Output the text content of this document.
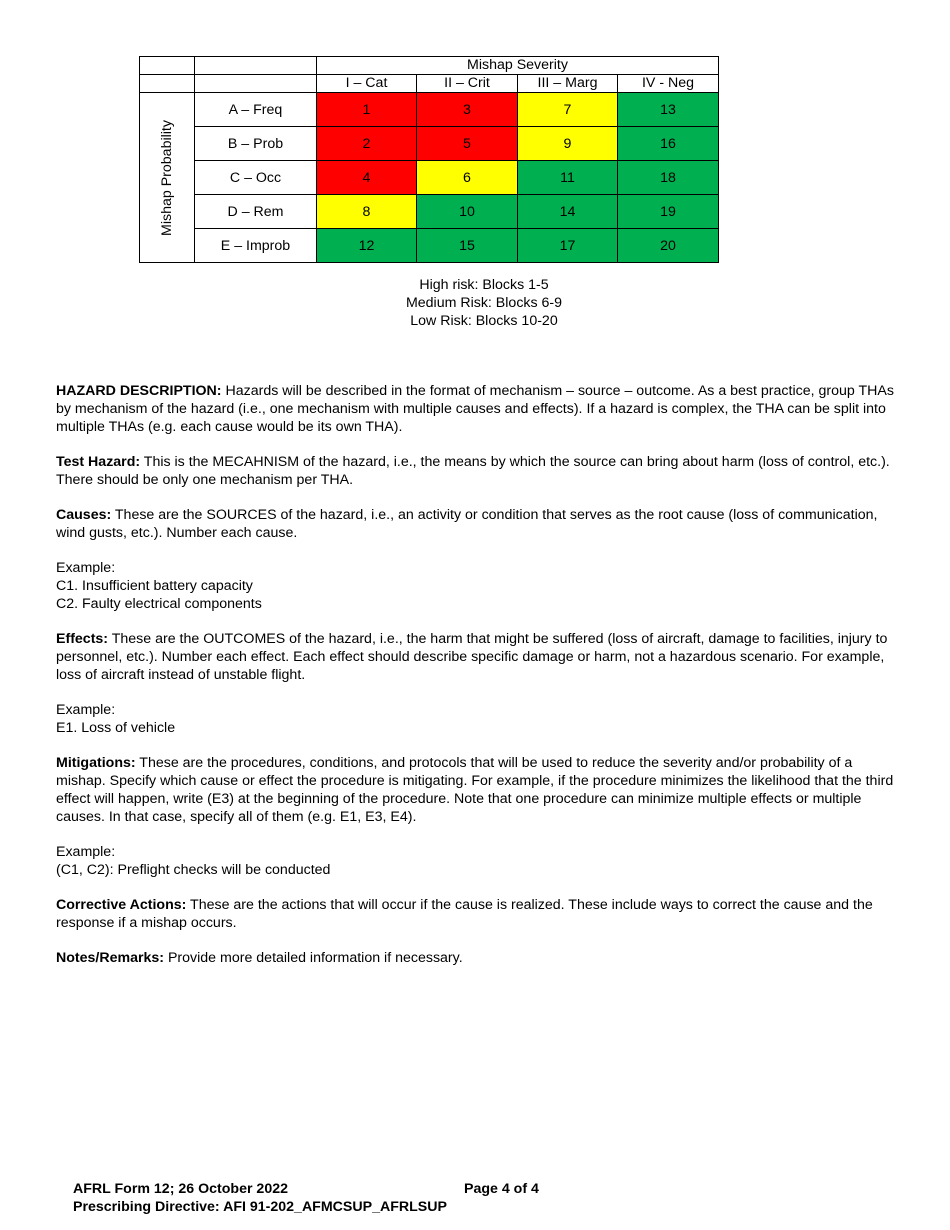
		Mishap Severity			
		I – Cat	II – Crit	III – Marg	IV - Neg

Mishap Probability	A – Freq	1	3	7	13
	B – Prob	2	5	9	16
	C – Occ	4	6	11	18
	D – Rem	8	10	14	19
	E – Improb	12	15	17	20
High risk: Blocks 1-5
Medium Risk: Blocks 6-9
Low Risk: Blocks 10-20

HAZARD DESCRIPTION: Hazards will be described in the format of mechanism – source – outcome. As a best practice, group THAs by mechanism of the hazard (i.e., one mechanism with multiple causes and effects). If a hazard is complex, the THA can be split into multiple THAs (e.g. each cause would be its own THA).

Test Hazard: This is the MECAHNISM of the hazard, i.e., the means by which the source can bring about harm (loss of control, etc.). There should be only one mechanism per THA.

Causes: These are the SOURCES of the hazard, i.e., an activity or condition that serves as the root cause (loss of communication, wind gusts, etc.). Number each cause.

Example:
C1. Insufficient battery capacity
C2. Faulty electrical components

Effects: These are the OUTCOMES of the hazard, i.e., the harm that might be suffered (loss of aircraft, damage to facilities, injury to personnel, etc.). Number each effect. Each effect should describe specific damage or harm, not a hazardous scenario. For example, loss of aircraft instead of unstable flight.

Example:
E1. Loss of vehicle

Mitigations: These are the procedures, conditions, and protocols that will be used to reduce the severity and/or probability of a mishap. Specify which cause or effect the procedure is mitigating. For example, if the procedure minimizes the likelihood that the third effect will happen, write (E3) at the beginning of the procedure. Note that one procedure can minimize multiple effects or multiple causes. In that case, specify all of them (e.g. E1, E3, E4).

Example:
(C1, C2): Preflight checks will be conducted

Corrective Actions: These are the actions that will occur if the cause is realized. These include ways to correct the cause and the response if a mishap occurs.

Notes/Remarks: Provide more detailed information if necessary.

AFRL Form 12; 26 October 2022
Prescribing Directive: AFI 91-202_AFMCSUP_AFRLSUP
Page 4 of 4
